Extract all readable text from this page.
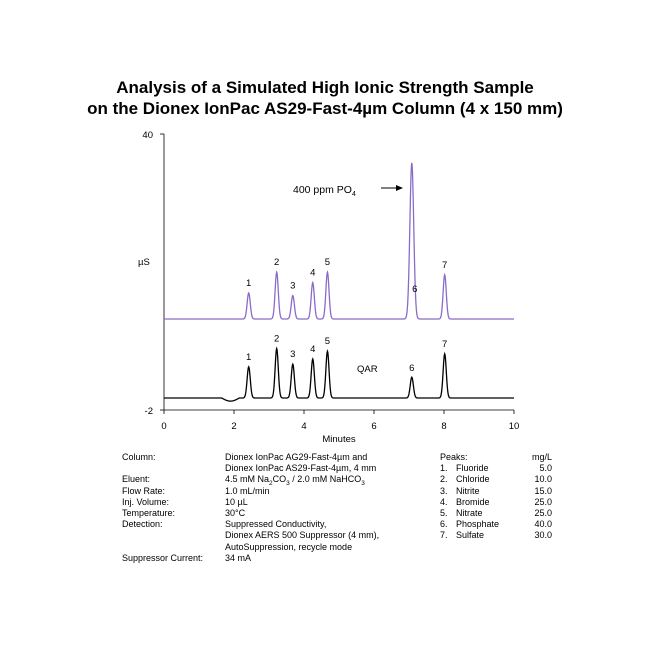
Analysis of a Simulated High Ionic Strength Sample
on the Dionex IonPac AS29-Fast-4µm Column (4 x 150 mm)
40
-2
µS
Minutes
0	2	4	6	8	10
1
2
3
4
5
6
7
1
2
3 4
5
6
7
400 ppm $PO_4$
QAR
Column:	Dionex IonPac AG29-Fast-4µm and
Dionex IonPac AS29-Fast-4µm, 4 mm
Eluent:	4.5 mM $Na_2CO_3 / 2.0$ mM NaHCO$_3$
Flow Rate:	1.0 mL/min
Inj. Volume:	10 µL
Temperature:	30°C
Detection:	Suppressed Conductivity,
Dionex AERS 500 Suppressor (4 mm),
AutoSuppression, recycle mode
Suppressor Current: 34 mA
Peaks:	mg/L
1. Fluoride	5.0
2. Chloride	10.0
3. Nitrite	15.0
4. Bromide	25.0
5. Nitrate	25.0
6. Phosphate	40.0
7. Sulfate	30.0
